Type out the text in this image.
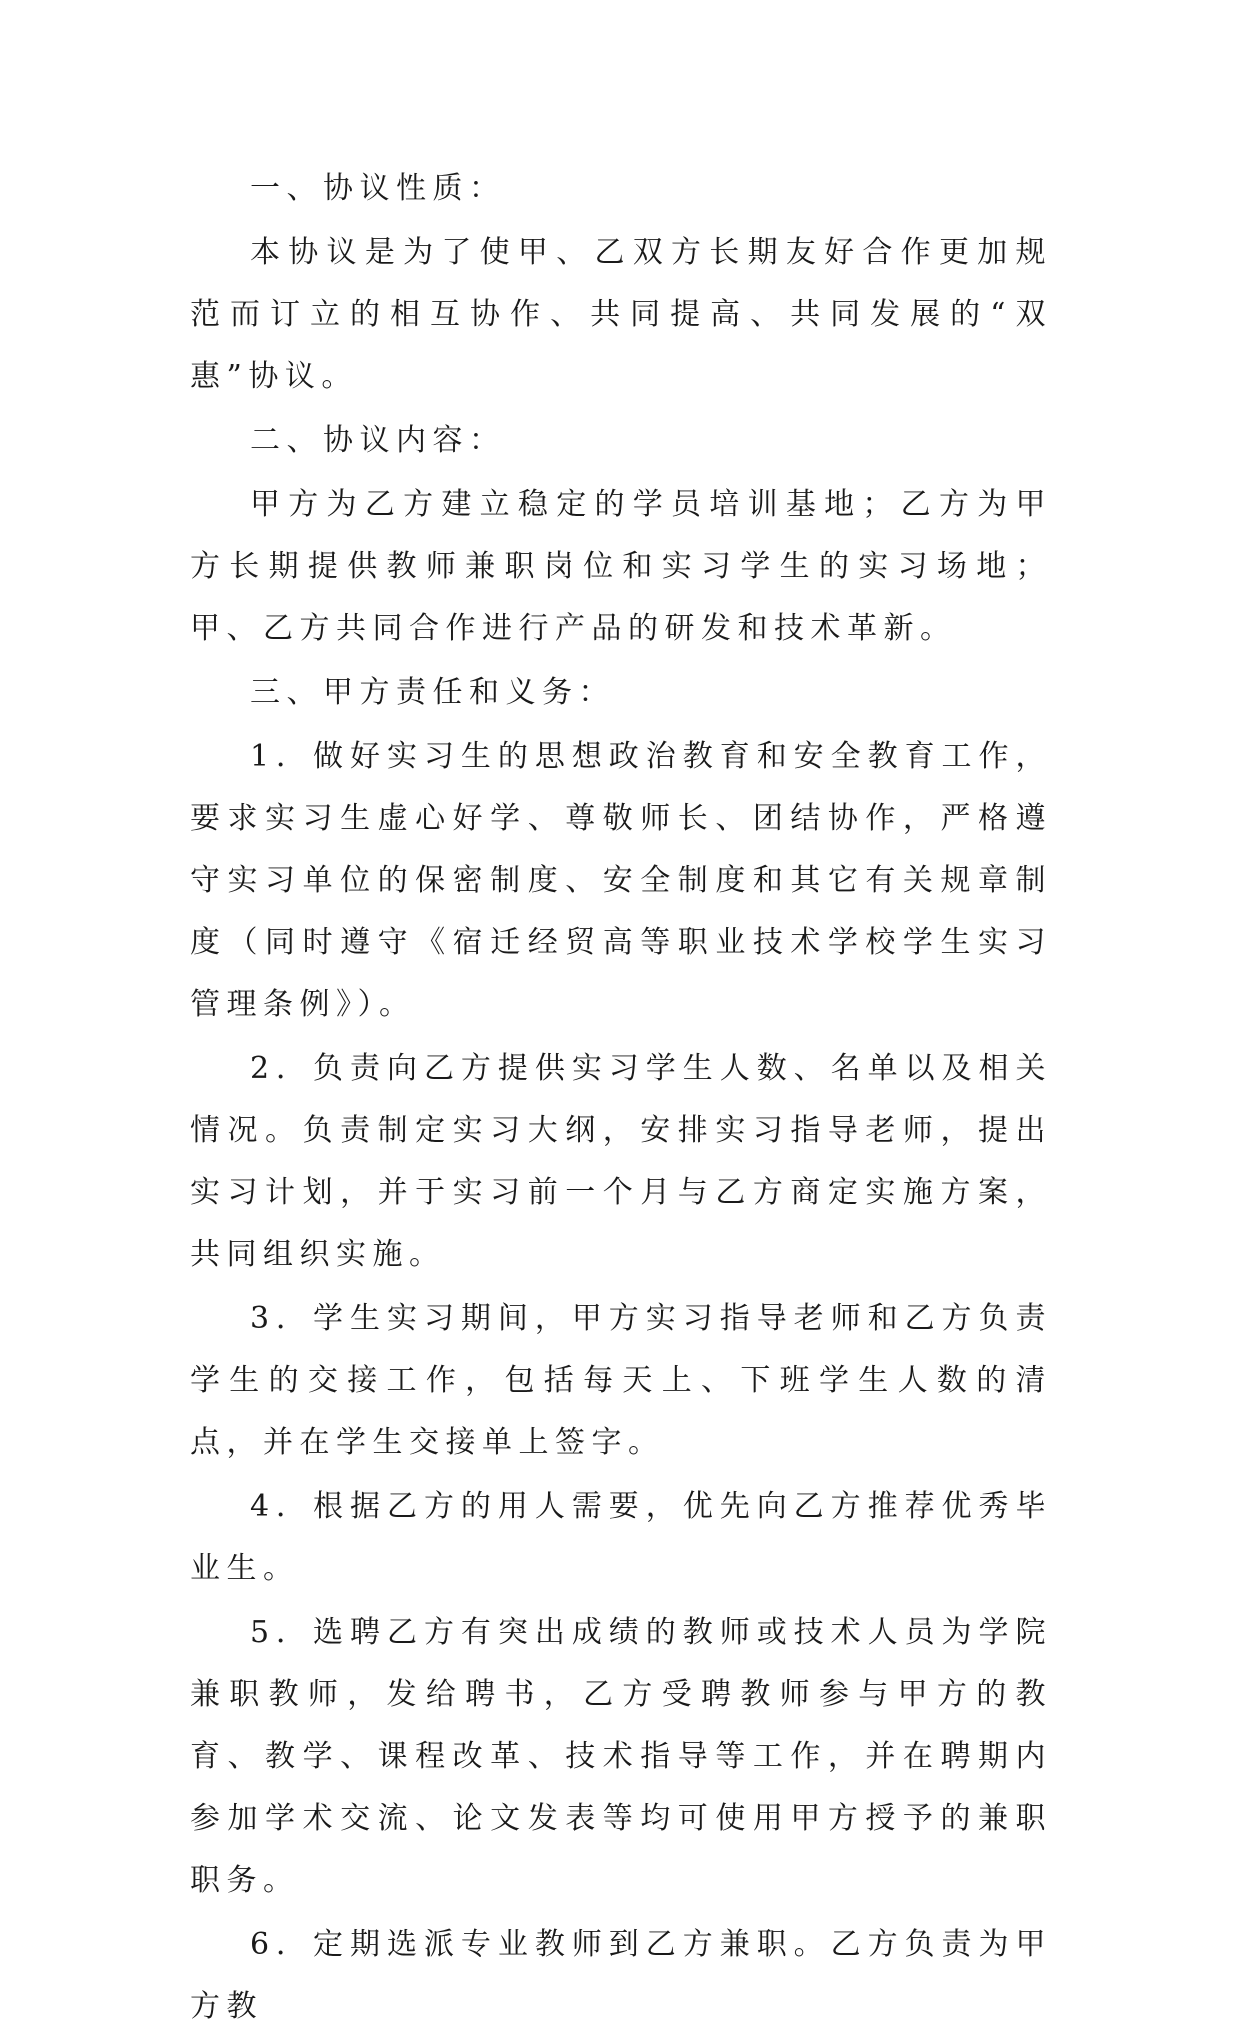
一、协议性质：

本协议是为了使甲、乙双方长期友好合作更加规范而订立的相互协作、共同提高、共同发展的“双惠”协议。

二、协议内容：

甲方为乙方建立稳定的学员培训基地；乙方为甲方长期提供教师兼职岗位和实习学生的实习场地；甲、乙方共同合作进行产品的研发和技术革新。

三、甲方责任和义务：

1．做好实习生的思想政治教育和安全教育工作，要求实习生虚心好学、尊敬师长、团结协作，严格遵守实习单位的保密制度、安全制度和其它有关规章制度（同时遵守《宿迁经贸高等职业技术学校学生实习管理条例》）。

2．负责向乙方提供实习学生人数、名单以及相关情况。负责制定实习大纲，安排实习指导老师，提出实习计划，并于实习前一个月与乙方商定实施方案，共同组织实施。

3．学生实习期间，甲方实习指导老师和乙方负责学生的交接工作，包括每天上、下班学生人数的清点，并在学生交接单上签字。

4．根据乙方的用人需要，优先向乙方推荐优秀毕业生。

5．选聘乙方有突出成绩的教师或技术人员为学院兼职教师，发给聘书，乙方受聘教师参与甲方的教育、教学、课程改革、技术指导等工作，并在聘期内参加学术交流、论文发表等均可使用甲方授予的兼职职务。

6．定期选派专业教师到乙方兼职。乙方负责为甲方教
